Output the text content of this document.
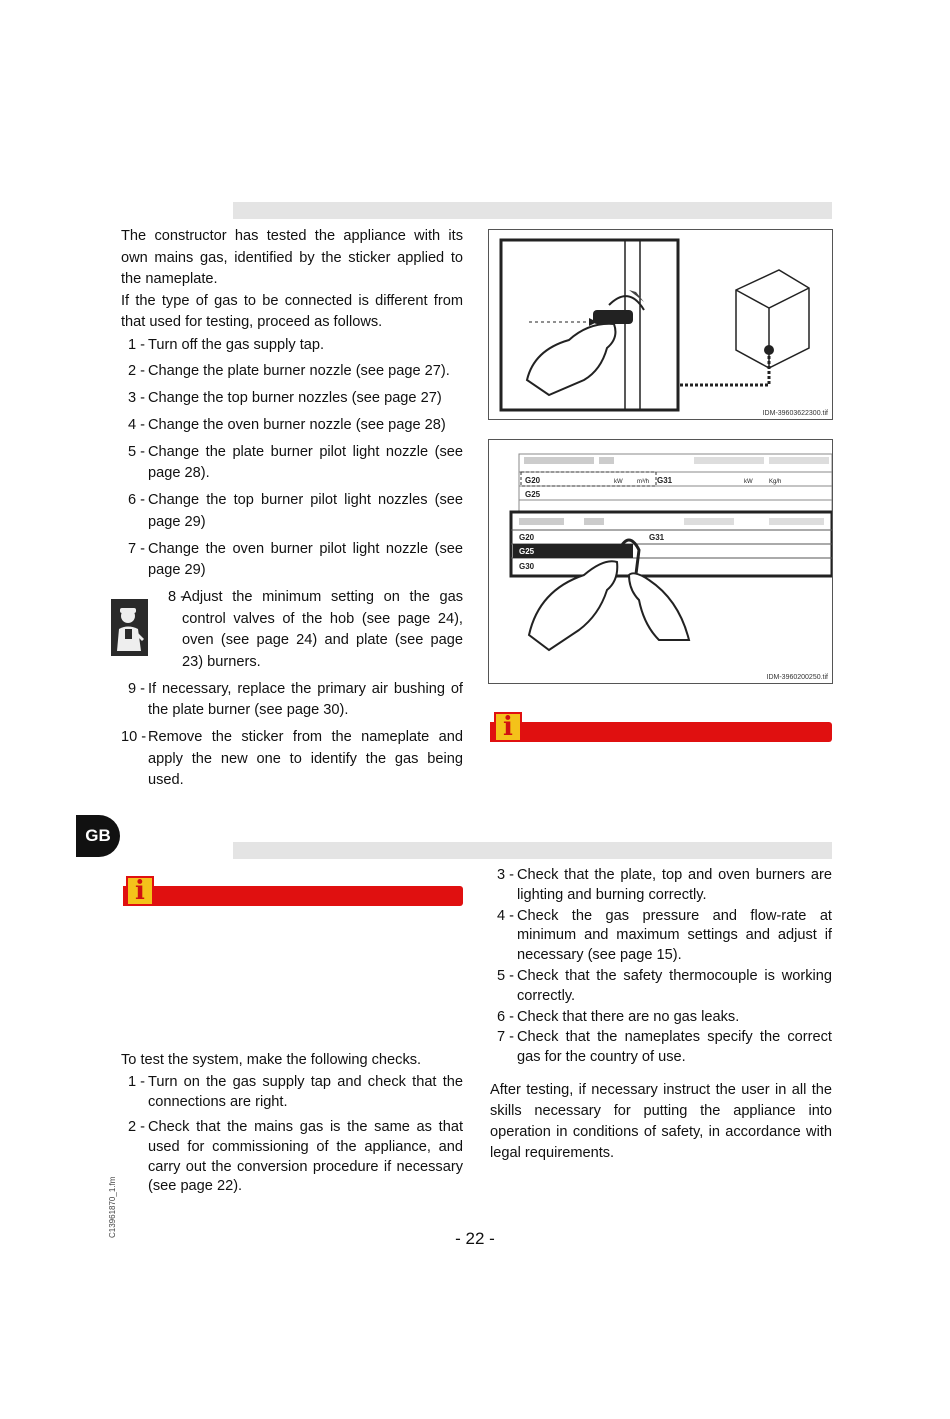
The constructor has tested the appliance with its own mains gas, identified by the sticker applied to the nameplate.

If the type of gas to be connected is different from that used for testing, proceed as follows.

1 - Turn off the gas supply tap.
2 - Change the plate burner nozzle (see page 27).
3 - Change the top burner nozzles (see page 27)
4 - Change the oven burner nozzle (see page 28)
5 - Change the plate burner pilot light nozzle (see page 28).
6 - Change the top burner pilot light nozzles (see page 29)
7 - Change the oven burner pilot light nozzle (see page 29)
8 -
Adjust the minimum setting on the gas control valves of the hob (see page 24), oven (see page 24) and plate (see page 23) burners.
9 - If necessary, replace the primary air bushing of the plate burner (see page 30).
10 - Remove the sticker from the nameplate and apply the new one to identify the gas being used.
IDM-39603622300.tif
G20
G25
kW m³/h G31	kW	Kg/h
G20
G25
G30
G31
IDM-3960200250.tif
i
GB
i

To test the system, make the following checks.

1 - Turn on the gas supply tap and check that the connections are right.
2 - Check that the mains gas is the same as that used for commissioning of the appliance, and carry out the conversion procedure if necessary (see page 22).
3 - Check that the plate, top and oven burners are lighting and burning correctly.
4 - Check the gas pressure and flow-rate at minimum and maximum settings and adjust if necessary (see page 15).
5 - Check that the safety thermocouple is working correctly.
6 - Check that there are no gas leaks.
7 - Check that the nameplates specify the correct gas for the country of use.

After testing, if necessary instruct the user in all the skills necessary for putting the appliance into operation in conditions of safety, in accordance with legal requirements.

C13961870_1.fm
- 22 -
